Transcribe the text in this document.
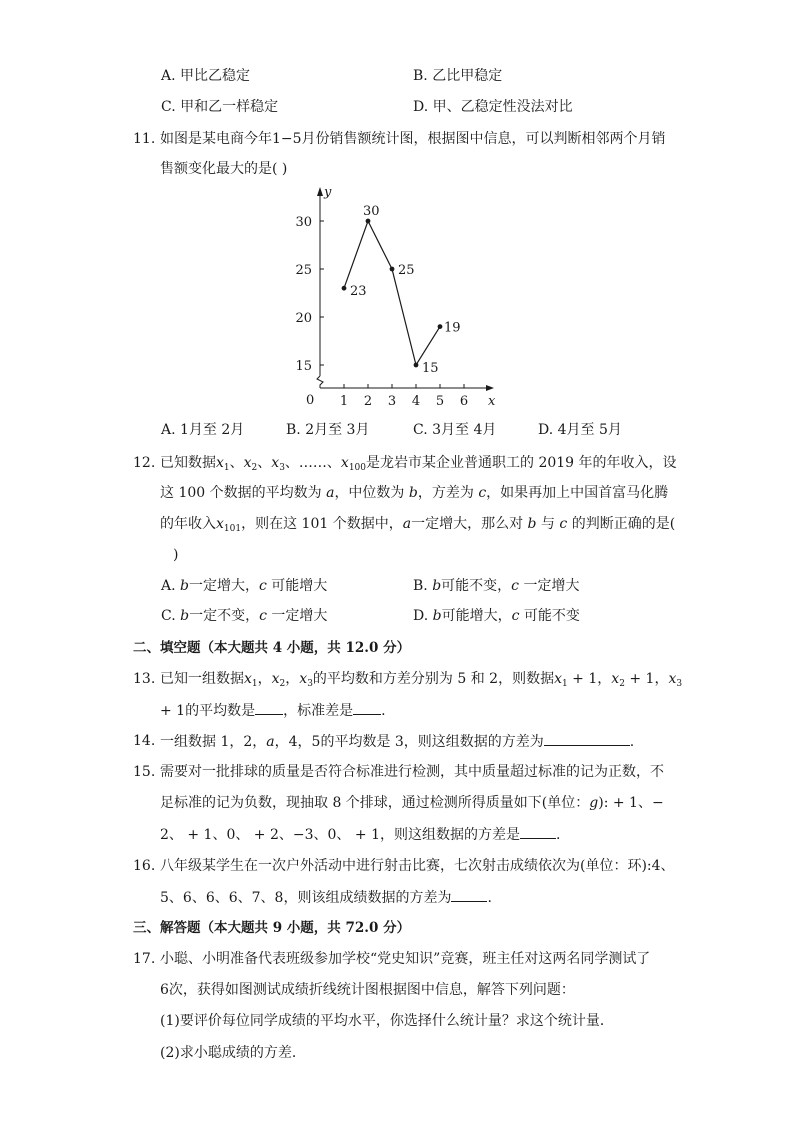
A. 甲比乙稳定	B. 乙比甲稳定
C. 甲和乙一样稳定	D. 甲、乙稳定性没法对比
11. 如图是某电商今年1−5月份销售额统计图，根据图中信息，可以判断相邻两个月销
售额变化最大的是( )
x
y
0 1 2 3 4 5 6
15
20
25
30
23
30
25
15
19
A. 1月至 2月	B. 2月至 3月	C. 3月至 4月	D. 4月至 5月
12. 已知数据$x_1$、$x_2$、$x_3$、……、$x_{100}$是龙岩市某企业普通职工的 2019 年的年收入，设
这 100 个数据的平均数为 a，中位数为 b，方差为 c，如果再加上中国首富马化腾
的年收入$x_{101}$，则在这 101 个数据中，a一定增大，那么对 b 与 c 的判断正确的是(
)
A. b一定增大，c 可能增大	B. b可能不变，c 一定增大
C. b一定不变，c 一定增大	D. b可能增大，c 可能不变
二、填空题（本大题共 4 小题，共 12.0 分）
13. 已知一组数据$x_1$，$x_2$，$x_3$的平均数和方差分别为 5 和 2，则数据$x_1 + 1$，$x_2 + 1$，$x_3$
+ 1的平均数是 ，标准差是 .
14. 一组数据 1，2，a，4，5的平均数是 3，则这组数据的方差为	.
15. 需要对一批排球的质量是否符合标准进行检测，其中质量超过标准的记为正数，不
足标准的记为负数，现抽取 8 个排球，通过检测所得质量如下(单位：g): + 1、−
2、 + 1、0、 + 2、−3、0、 + 1，则这组数据的方差是	.
16. 八年级某学生在一次户外活动中进行射击比赛，七次射击成绩依次为(单位：环):4、
5、6、6、6、7、8，则该组成绩数据的方差为	.
三、解答题（本大题共 9 小题，共 72.0 分）
17. 小聪、小明准备代表班级参加学校“党史知识”竞赛，班主任对这两名同学测试了
6次，获得如图测试成绩折线统计图根据图中信息，解答下列问题：
(1)要评价每位同学成绩的平均水平，你选择什么统计量？求这个统计量．
(2)求小聪成绩的方差．
